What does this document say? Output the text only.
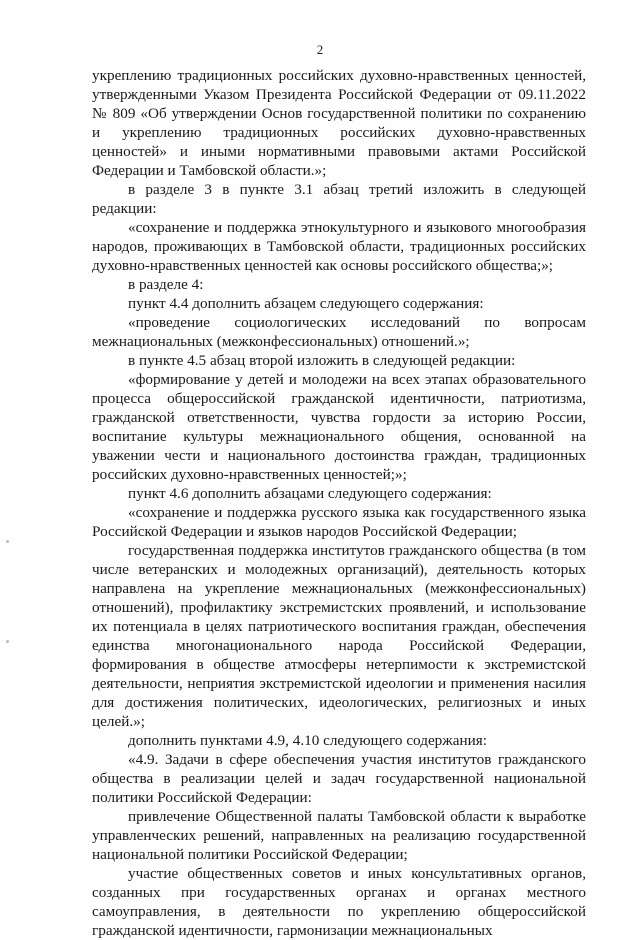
2

укреплению традиционных российских духовно-нравственных ценностей, утвержденными Указом Президента Российской Федерации от 09.11.2022 № 809 «Об утверждении Основ государственной политики по сохранению и укреплению традиционных российских духовно-нравственных ценностей» и иными нормативными правовыми актами Российской Федерации и Тамбовской области.»;

в разделе 3 в пункте 3.1 абзац третий изложить в следующей редакции:

«сохранение и поддержка этнокультурного и языкового многообразия народов, проживающих в Тамбовской области, традиционных российских духовно-нравственных ценностей как основы российского общества;»;

в разделе 4:

пункт 4.4 дополнить абзацем следующего содержания:

«проведение социологических исследований по вопросам межнациональных (межконфессиональных) отношений.»;

в пункте 4.5 абзац второй изложить в следующей редакции:

«формирование у детей и молодежи на всех этапах образовательного процесса общероссийской гражданской идентичности, патриотизма, гражданской ответственности, чувства гордости за историю России, воспитание культуры межнационального общения, основанной на уважении чести и национального достоинства граждан, традиционных российских духовно-нравственных ценностей;»;

пункт 4.6 дополнить абзацами следующего содержания:

«сохранение и поддержка русского языка как государственного языка Российской Федерации и языков народов Российской Федерации;

государственная поддержка институтов гражданского общества (в том числе ветеранских и молодежных организаций), деятельность которых направлена на укрепление межнациональных (межконфессиональных) отношений), профилактику экстремистских проявлений, и использование их потенциала в целях патриотического воспитания граждан, обеспечения единства многонационального народа Российской Федерации, формирования в обществе атмосферы нетерпимости к экстремистской деятельности, неприятия экстремистской идеологии и применения насилия для достижения политических, идеологических, религиозных и иных целей.»;

дополнить пунктами 4.9, 4.10 следующего содержания:

«4.9. Задачи в сфере обеспечения участия институтов гражданского общества в реализации целей и задач государственной национальной политики Российской Федерации:

привлечение Общественной палаты Тамбовской области к выработке управленческих решений, направленных на реализацию государственной национальной политики Российской Федерации;

участие общественных советов и иных консультативных органов, созданных при государственных органах и органах местного самоуправления, в деятельности по укреплению общероссийской гражданской идентичности, гармонизации межнациональных
